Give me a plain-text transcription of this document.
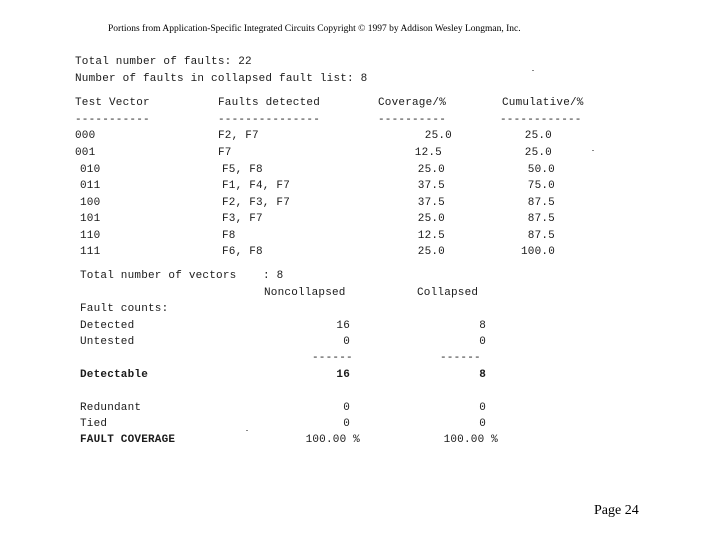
Portions from Application-Specific Integrated Circuits Copyright © 1997 by Addison Wesley Longman, Inc.
Total number of faults: 22
Number of faults in collapsed fault list: 8
Test Vector	Faults detected	Coverage/%	Cumulative/%
-----------	---------------	----------	------------
000	F2, F7	25.0	25.0
001	F7	12.5	25.0
010	F5, F8	25.0	50.0
011	F1, F4, F7	37.5	75.0
100	F2, F3, F7	37.5	87.5
101	F3, F7	25.0	87.5
110	F8	12.5	87.5
111	F6, F8	25.0	100.0
Total number of vectors : 8
Noncollapsed	Collapsed
Fault counts:
Detected	16	8
Untested	0	0
------	------
Detectable	16	8
Redundant	0	0
Tied	0	0
FAULT COVERAGE	100.00 %	100.00 %
Page 24
